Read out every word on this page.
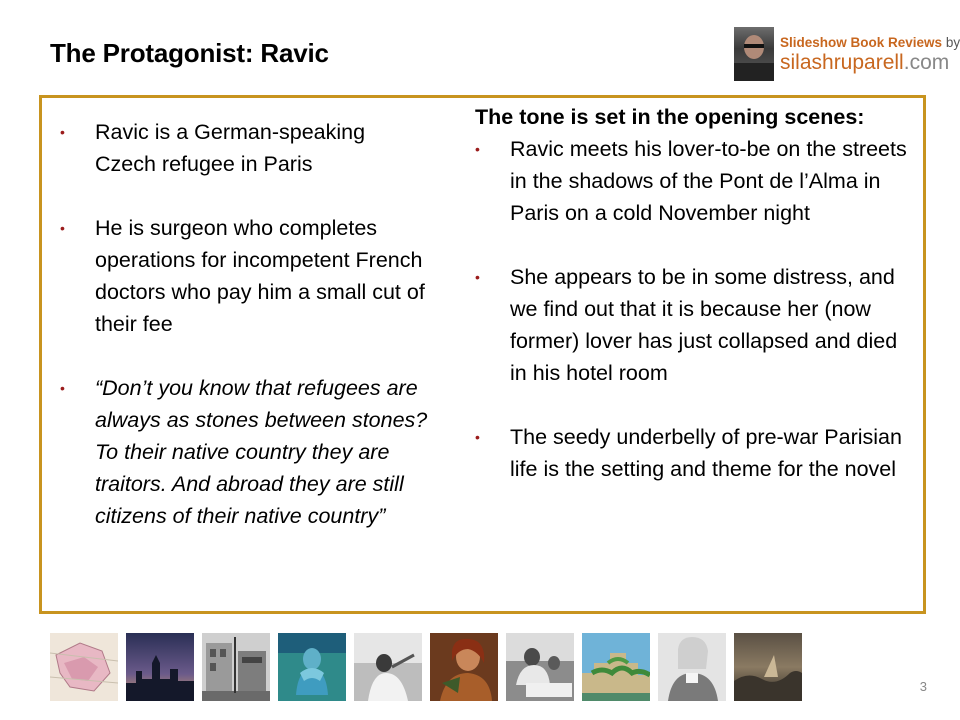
The Protagonist: Ravic	Slideshow Book Reviews by
silashruparell.com
• Ravic is a German-speaking Czech refugee in Paris
• He is surgeon who completes operations for incompetent French doctors who pay him a small cut of their fee
• “Don’t you know that refugees are always as stones between stones? To their native country they are traitors. And abroad they are still citizens of their native country”
The tone is set in the opening scenes:
• Ravic meets his lover-to-be on the streets in the shadows of the Pont de l’Alma in Paris on a cold November night
• She appears to be in some distress, and we find out that it is because her (now former) lover has just collapsed and died in his hotel room
• The seedy underbelly of pre-war Parisian life is the setting and theme for the novel
3
